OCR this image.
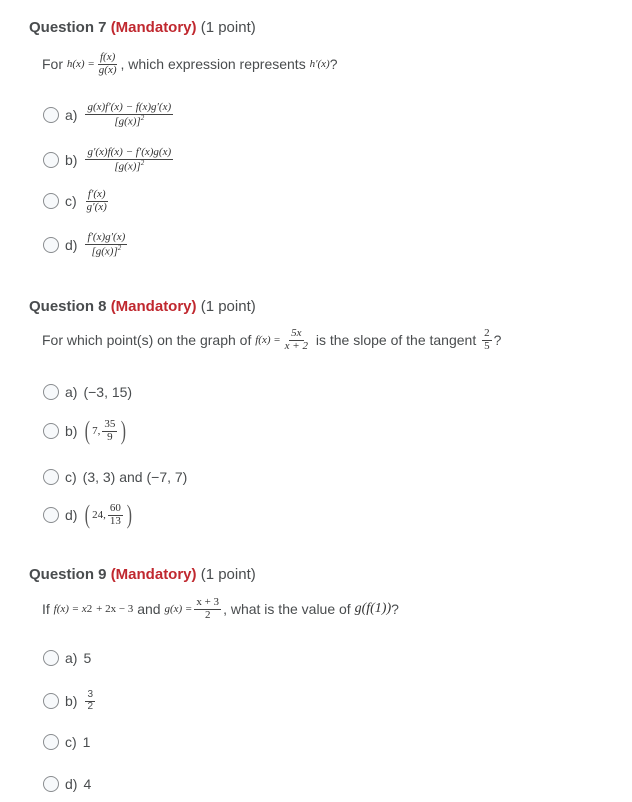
Question 7 (Mandatory) (1 point)
For
$h(x) = \frac{f(x)}{g(x)}$ , which expression represents
h′(x) ?
$a) \frac{g(x)f'(x) - f(x)g'(x)}{[g(x)]^2}$
$b) \frac{g'(x)f(x) - f'(x)g(x)}{[g(x)]^2}$
$c) \frac{f'(x)}{g'(x)}$
$d) \frac{f'(x)g'(x)}{[g(x)]^2}$
Question 8 (Mandatory) (1 point)
For which point(s) on the graph of
$f(x) = \frac{5x}{x + 2}$
is the slope of the tangent
$\frac{2}{5}$ ?
a) (−3, 15)
b) ( 7, $\frac{35}{9}$ )
c) (3, 3) and (−7, 7)
d) ( 24, $\frac{60}{13}$ )
Question 9 (Mandatory) (1 point)
If
f(x) = x 2
+ 2x − 3
and
$g(x) = \frac{x + 3}{2}$ , what is the value of
g(f(1)) ?
a) 5
$b) \frac{3}{2}$
c) 1
d) 4
